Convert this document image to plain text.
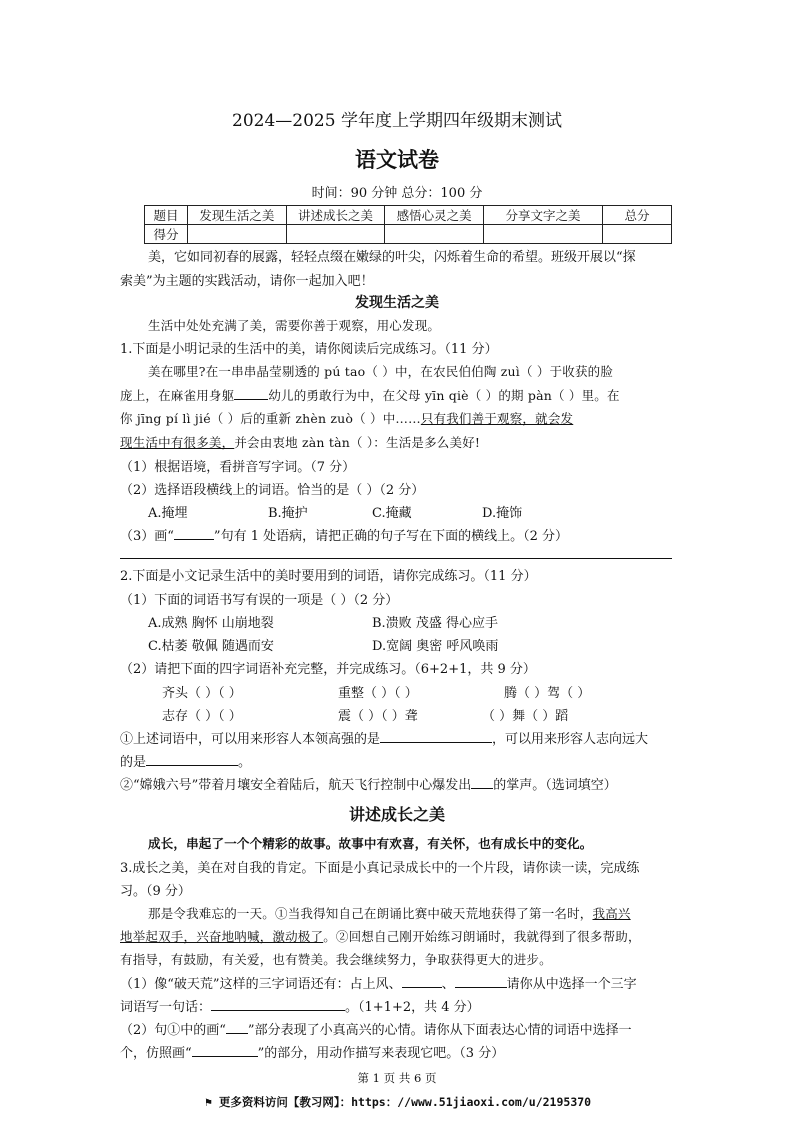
2024—2025 学年度上学期四年级期末测试
语文试卷
时间：90 分钟 总分：100 分
题目	发现生活之美	讲述成长之美	感悟心灵之美	分享文字之美	总分
得分					
美，它如同初春的展露，轻轻点缀在嫩绿的叶尖，闪烁着生命的希望。班级开展以“探
索美”为主题的实践活动，请你一起加入吧！
发现生活之美
生活中处处充满了美，需要你善于观察，用心发现。
1.下面是小明记录的生活中的美，请你阅读后完成练习。（11 分）
美在哪里?在一串串晶莹剔透的 pú tao（ ）中，在农民伯伯陶 zuì（ ）于收获的脸
庞上，在麻雀用身躯	幼儿的勇敢行为中，在父母 yīn qiè（ ）的期 pàn（ ）里。在
你 jīng pí lì jié（ ）后的重新 zhèn zuò（ ）中……只有我们善于观察，就会发
现生活中有很多美，并会由衷地 zàn tàn（ ）：生活是多么美好!
（1）根据语境，看拼音写字词。（7 分）
（2）选择语段横线上的词语。恰当的是（ ）（2 分）
A.掩埋	B.掩护	C.掩藏	D.掩饰
（3）画“	”句有 1 处语病，请把正确的句子写在下面的横线上。（2 分）
2.下面是小文记录生活中的美时要用到的词语，请你完成练习。（11 分）
（1）下面的词语书写有误的一项是（ ）（2 分）
A.成熟 胸怀 山崩地裂	B.溃败 茂盛 得心应手
C.枯萎 敬佩 随遇而安	D.宽阔 奥密 呼风唤雨
（2）请把下面的四字词语补充完整，并完成练习。（6+2+1，共 9 分）
齐头（ ）（ ）	重整（ ）（ ）	腾（ ）驾（ ）
志存（ ）（ ）	震（ ）（ ）聋	（ ）舞（ ）蹈
①上述词语中，可以用来形容人本领高强的是	，可以用来形容人志向远大
的是	。
②“嫦娥六号”带着月壤安全着陆后，航天飞行控制中心爆发出 的掌声。（选词填空）
讲述成长之美
成长，串起了一个个精彩的故事。故事中有欢喜，有关怀，也有成长中的变化。
3.成长之美，美在对自我的肯定。下面是小真记录成长中的一个片段，请你读一读，完成练
习。（9 分）
那是令我难忘的一天。①当我得知自己在朗诵比赛中破天荒地获得了第一名时，我高兴
地举起双手，兴奋地呐喊，激动极了。②回想自己刚开始练习朗诵时，我就得到了很多帮助，
有指导，有鼓励，有关爱，也有赞美。我会继续努力，争取获得更大的进步。
（1）像“破天荒”这样的三字词语还有：占上风、	、	请你从中选择一个三字
词语写一句话：	。（1+1+2，共 4 分）
（2）句①中的画“ ”部分表现了小真高兴的心情。请你从下面表达心情的词语中选择一
第 1 页 共 6 页
⚑ 更多资料访问【教习网】：https：//www.51jiaoxi.com/u/2195370
个，仿照画“	”的部分，用动作描写来表现它吧。（3 分）
